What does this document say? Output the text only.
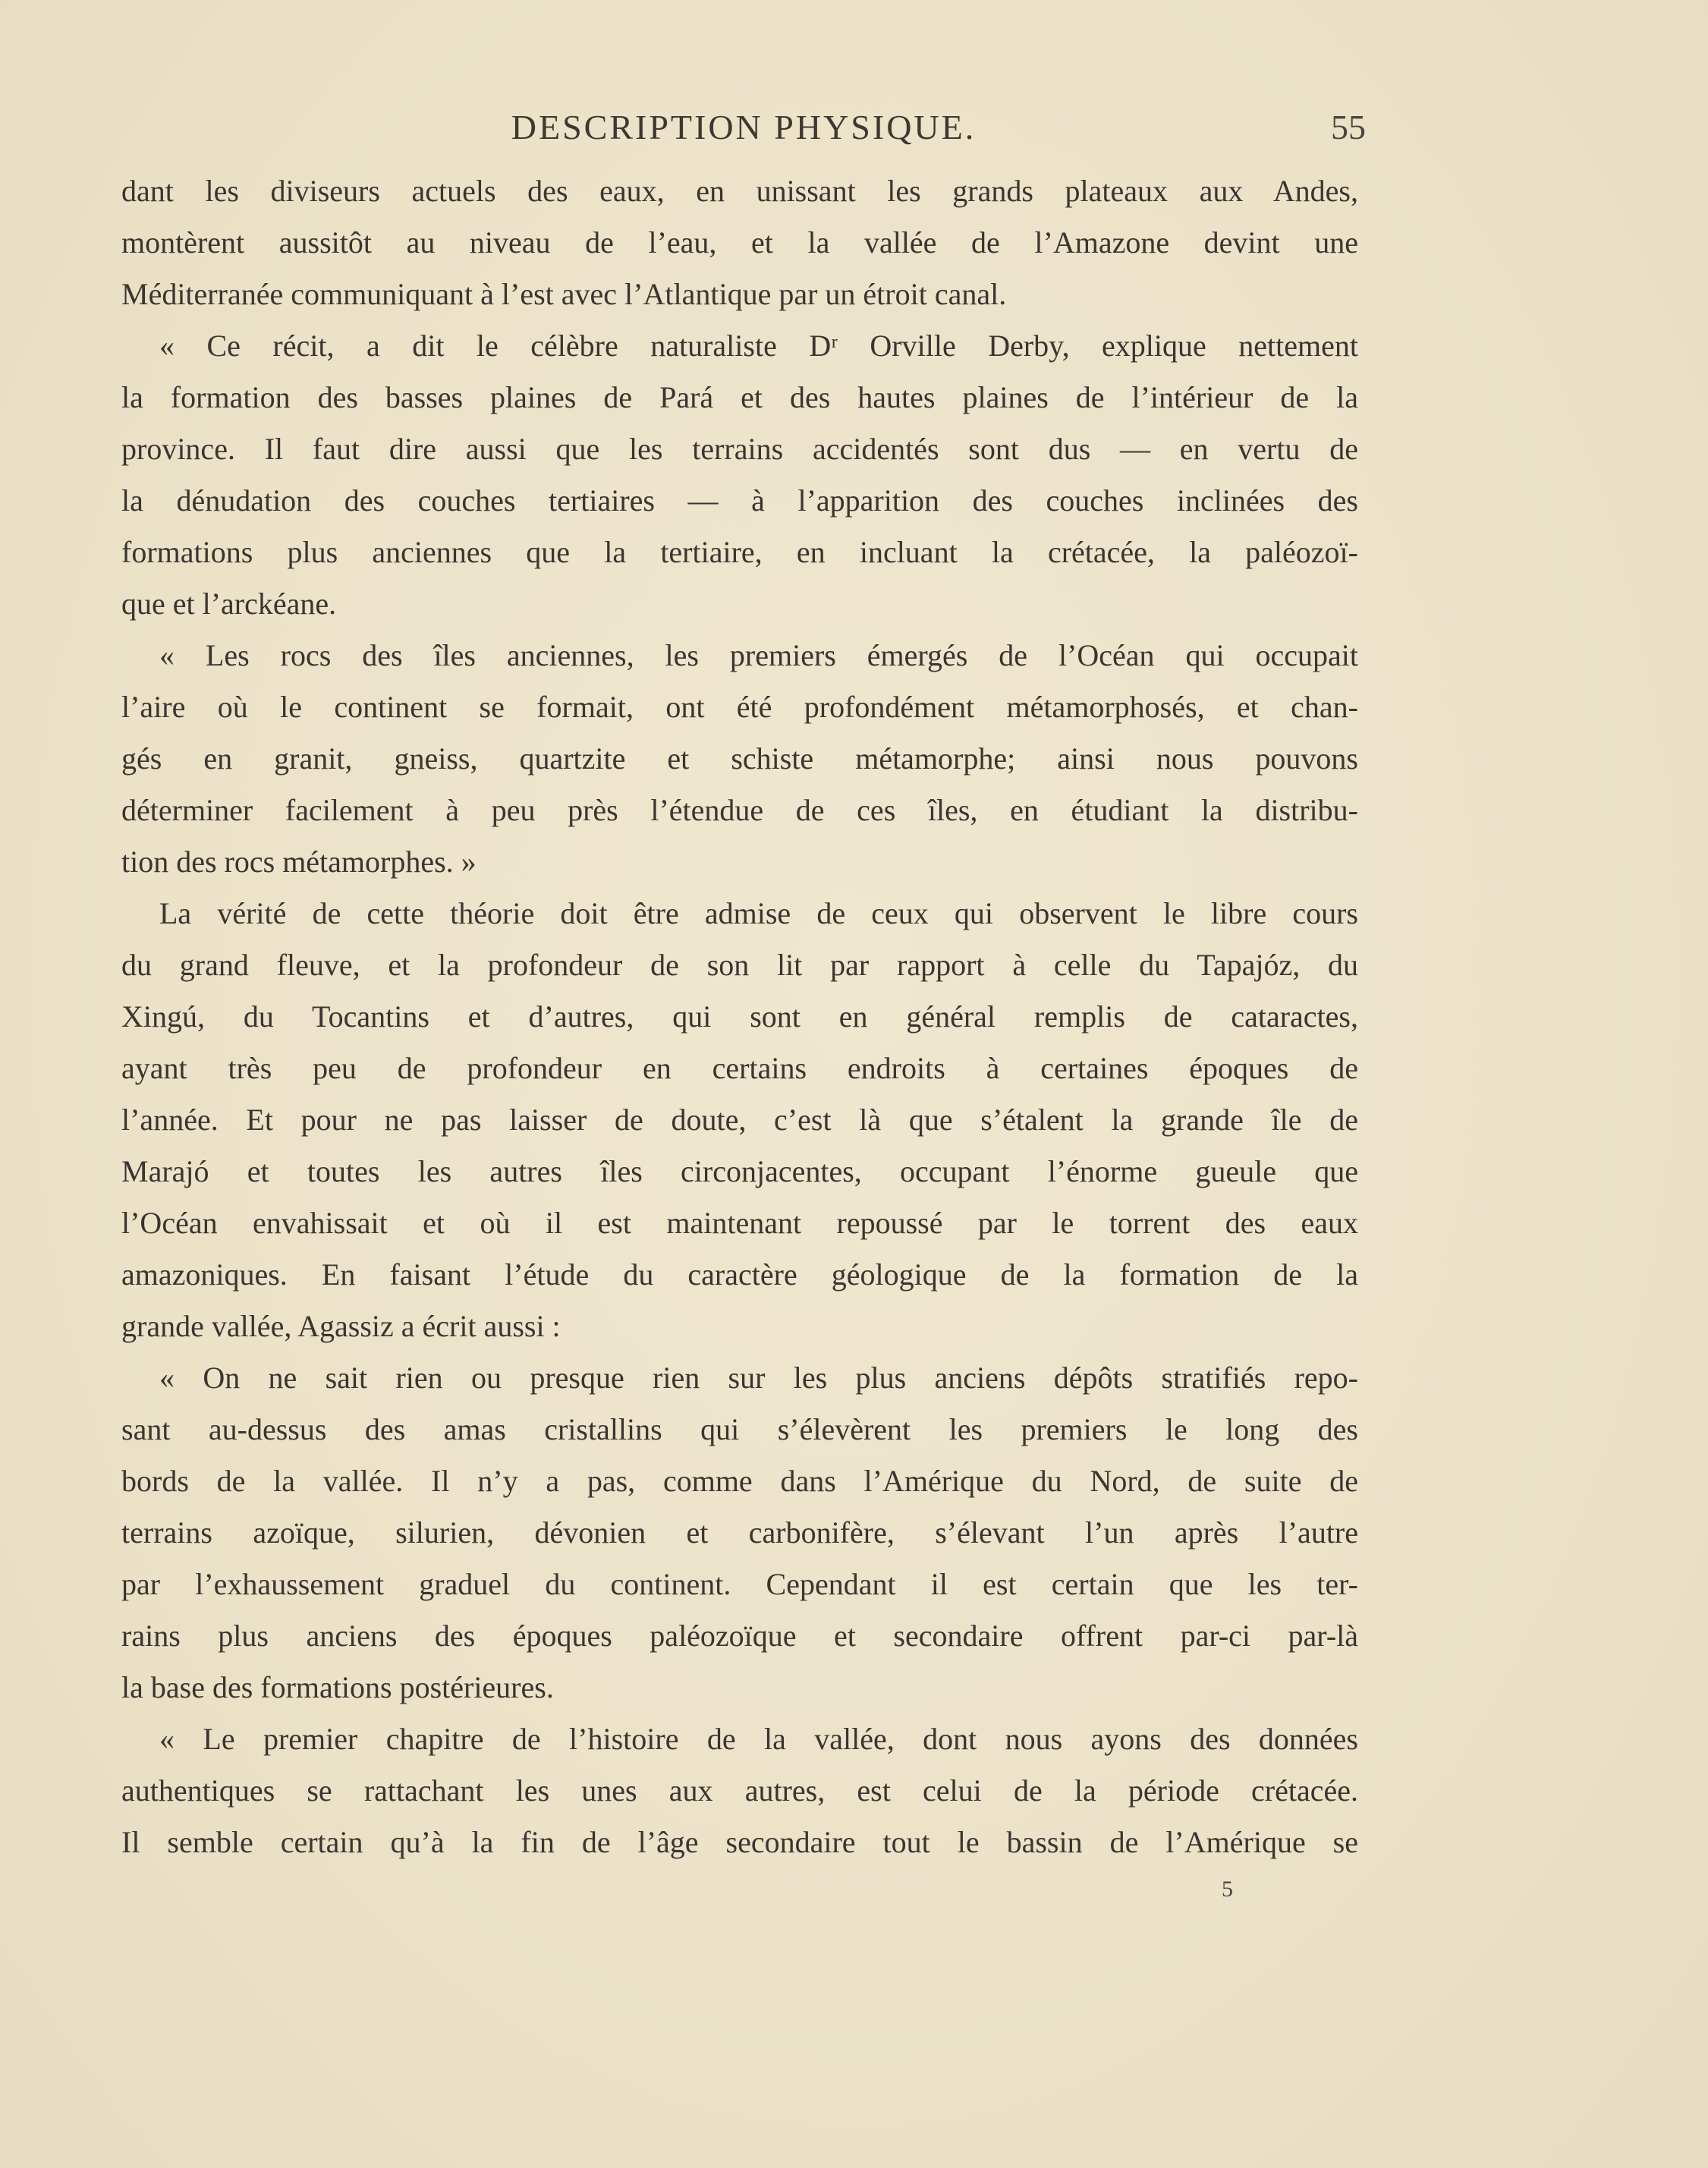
DESCRIPTION PHYSIQUE.	55
dant les diviseurs actuels des eaux, en unissant les grands plateaux aux Andes,
montèrent aussitôt au niveau de l’eau, et la vallée de l’Amazone devint une
Méditerranée communiquant à l’est avec l’Atlantique par un étroit canal.
« Ce récit, a dit le célèbre naturaliste Dʳ Orville Derby, explique nettement
la formation des basses plaines de Pará et des hautes plaines de l’intérieur de la
province. Il faut dire aussi que les terrains accidentés sont dus — en vertu de
la dénudation des couches tertiaires — à l’apparition des couches inclinées des
formations plus anciennes que la tertiaire, en incluant la crétacée, la paléozoï-
que et l’arckéane.
« Les rocs des îles anciennes, les premiers émergés de l’Océan qui occupait
l’aire où le continent se formait, ont été profondément métamorphosés, et chan-
gés en granit, gneiss, quartzite et schiste métamorphe; ainsi nous pouvons
déterminer facilement à peu près l’étendue de ces îles, en étudiant la distribu-
tion des rocs métamorphes. »
La vérité de cette théorie doit être admise de ceux qui observent le libre cours
du grand fleuve, et la profondeur de son lit par rapport à celle du Tapajóz, du
Xingú, du Tocantins et d’autres, qui sont en général remplis de cataractes,
ayant très peu de profondeur en certains endroits à certaines époques de
l’année. Et pour ne pas laisser de doute, c’est là que s’étalent la grande île de
Marajó et toutes les autres îles circonjacentes, occupant l’énorme gueule que
l’Océan envahissait et où il est maintenant repoussé par le torrent des eaux
amazoniques. En faisant l’étude du caractère géologique de la formation de la
grande vallée, Agassiz a écrit aussi :
« On ne sait rien ou presque rien sur les plus anciens dépôts stratifiés repo-
sant au-dessus des amas cristallins qui s’élevèrent les premiers le long des
bords de la vallée. Il n’y a pas, comme dans l’Amérique du Nord, de suite de
terrains azoïque, silurien, dévonien et carbonifère, s’élevant l’un après l’autre
par l’exhaussement graduel du continent. Cependant il est certain que les ter-
rains plus anciens des époques paléozoïque et secondaire offrent par-ci par-là
la base des formations postérieures.
« Le premier chapitre de l’histoire de la vallée, dont nous ayons des données
authentiques se rattachant les unes aux autres, est celui de la période crétacée.
Il semble certain qu’à la fin de l’âge secondaire tout le bassin de l’Amérique se
5
